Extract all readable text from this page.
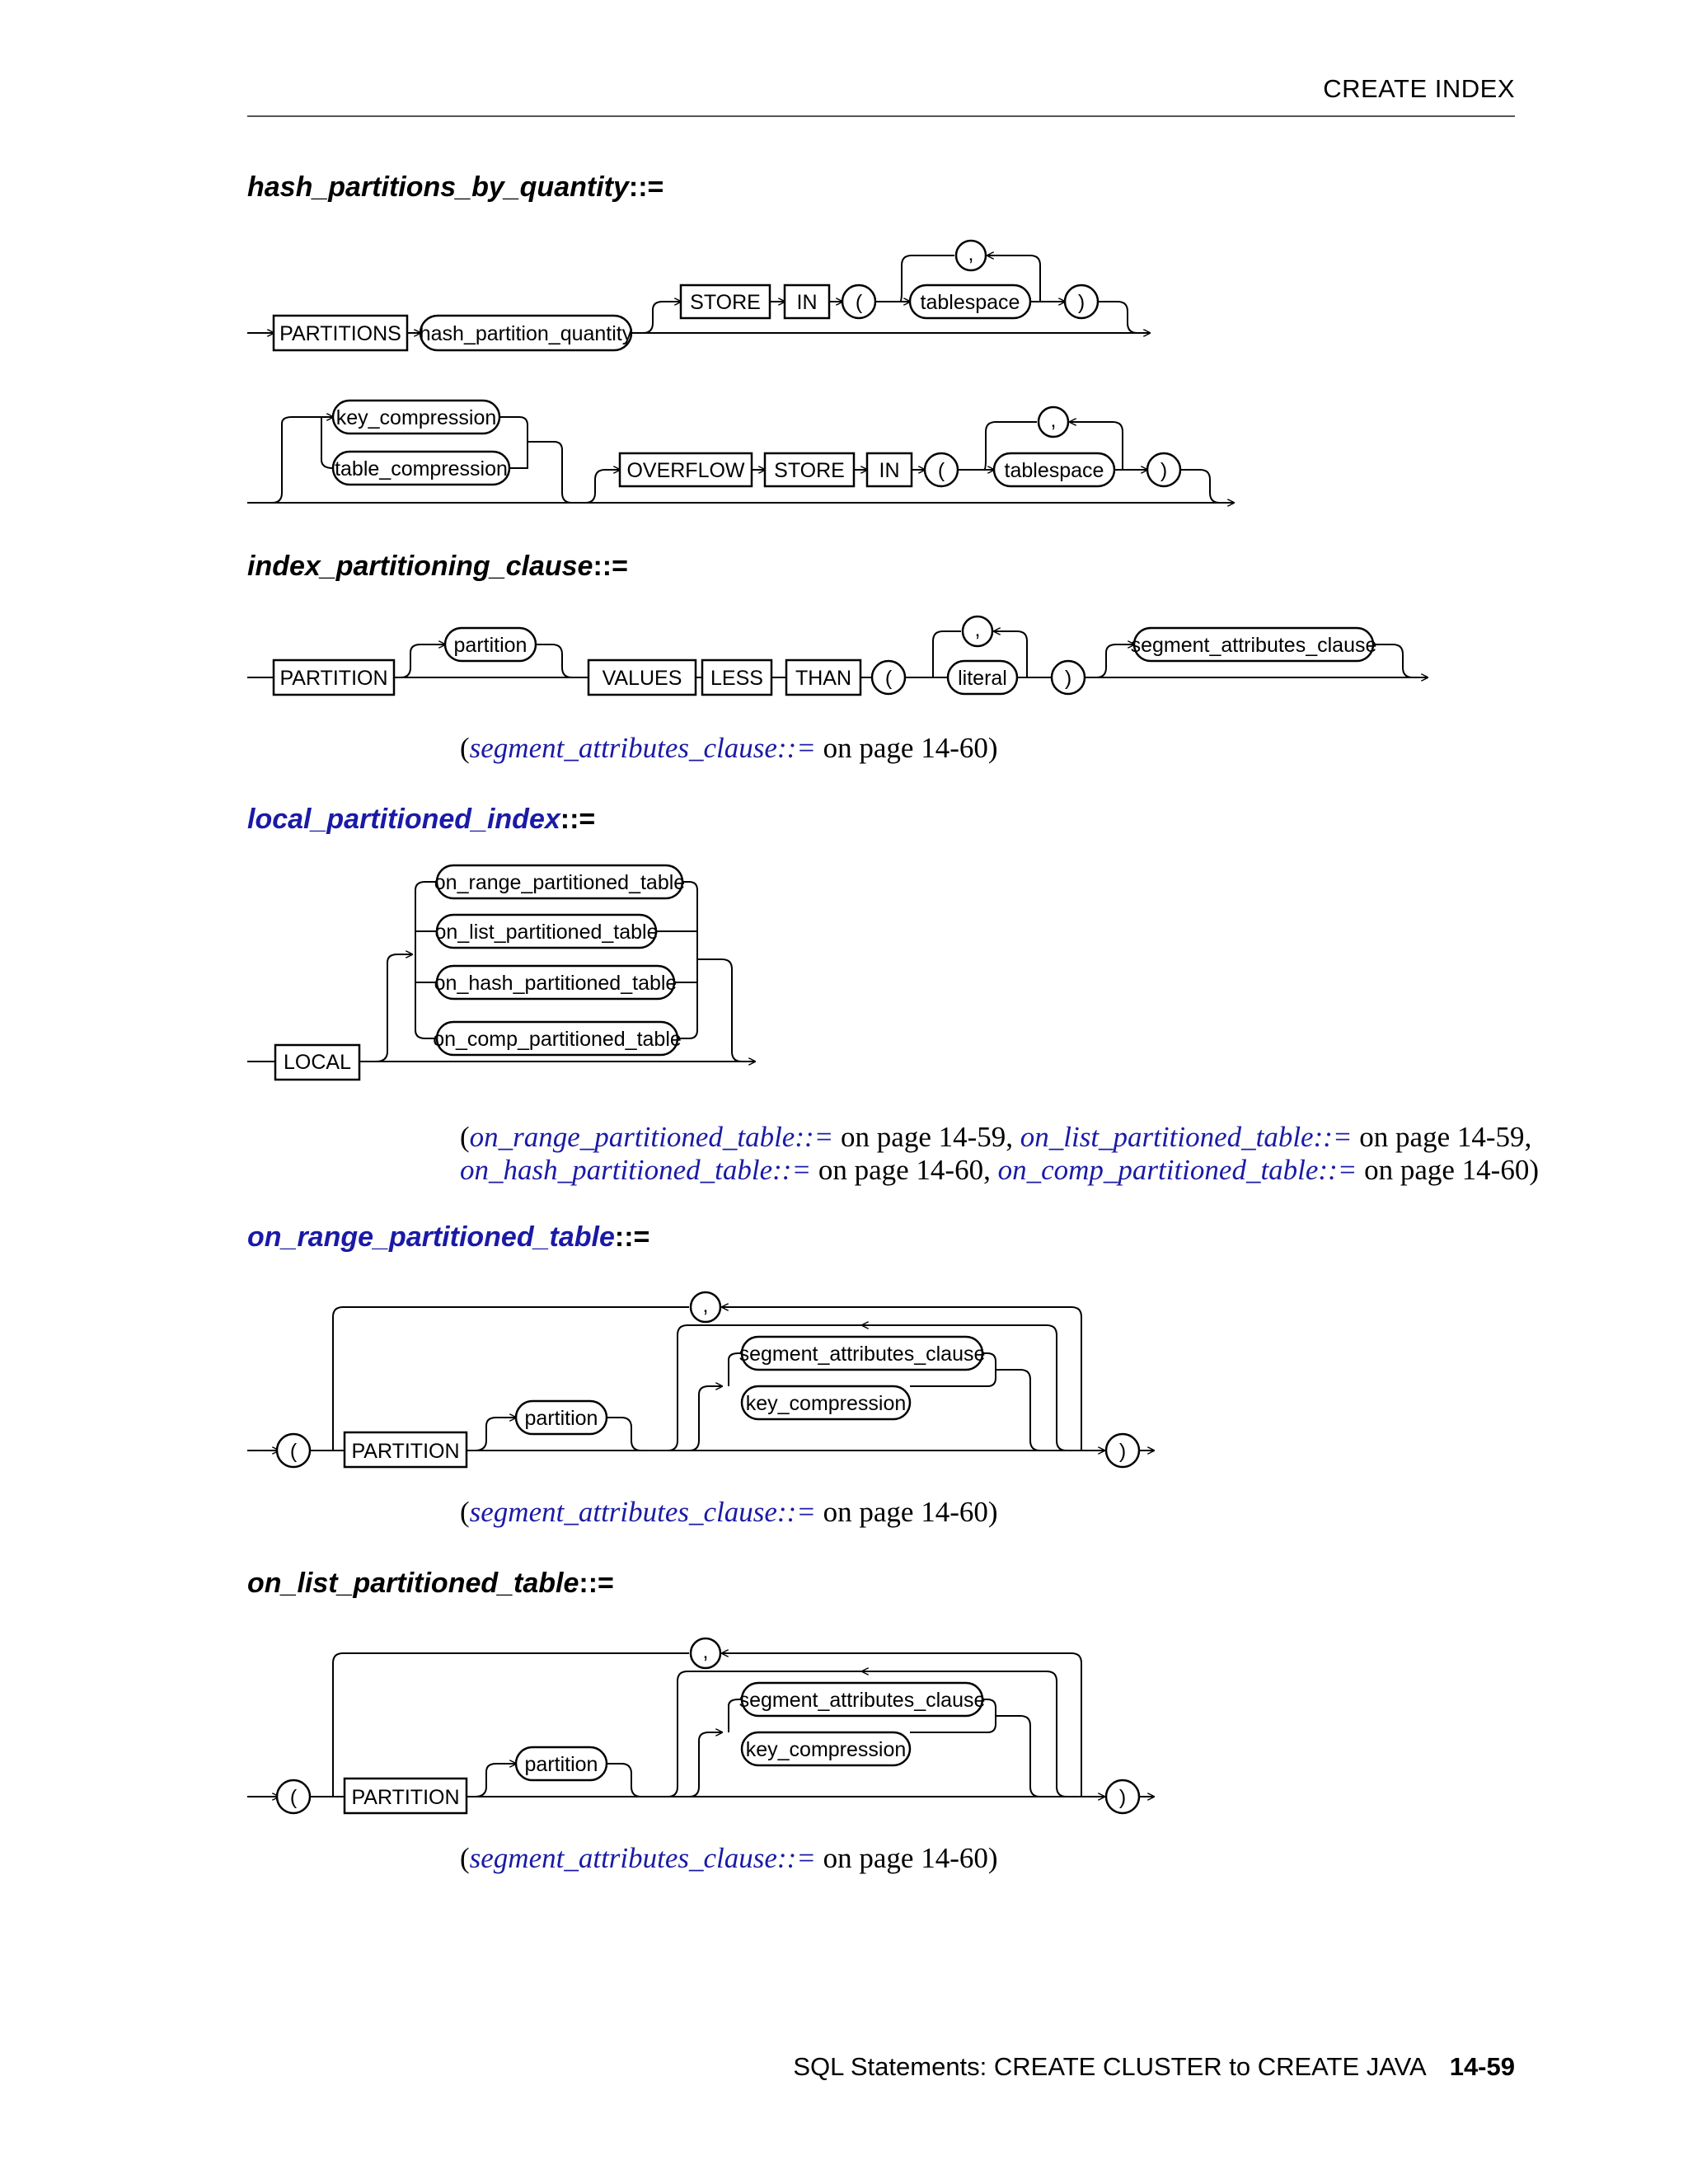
CREATE INDEX
hash_partitions_by_quantity::=
PARTITIONS hash_partition_quantity
STORE IN (
,
tablespace	)
key_compression
table_compression	OVERFLOW STORE IN (
,
tablespace	)
index_partitioning_clause::=
PARTITION
partition
VALUES LESS THAN (
,
literal	)
segment_attributes_clause
(segment_attributes_clause::= on page 14-60)
local_partitioned_index::=
LOCAL
on_range_partitioned_table
on_list_partitioned_table
on_hash_partitioned_table
on_comp_partitioned_table
(on_range_partitioned_table::= on page 14-59, on_list_partitioned_table::= on page 14-59,
on_hash_partitioned_table::= on page 14-60, on_comp_partitioned_table::= on page 14-60)
on_range_partitioned_table::=
(
,
PARTITION
partition
segment_attributes_clause
key_compression
)
(segment_attributes_clause::= on page 14-60)
on_list_partitioned_table::=
(
,
PARTITION
partition
segment_attributes_clause
key_compression
)
(segment_attributes_clause::= on page 14-60)
SQL Statements: CREATE CLUSTER to CREATE JAVA 14-59
